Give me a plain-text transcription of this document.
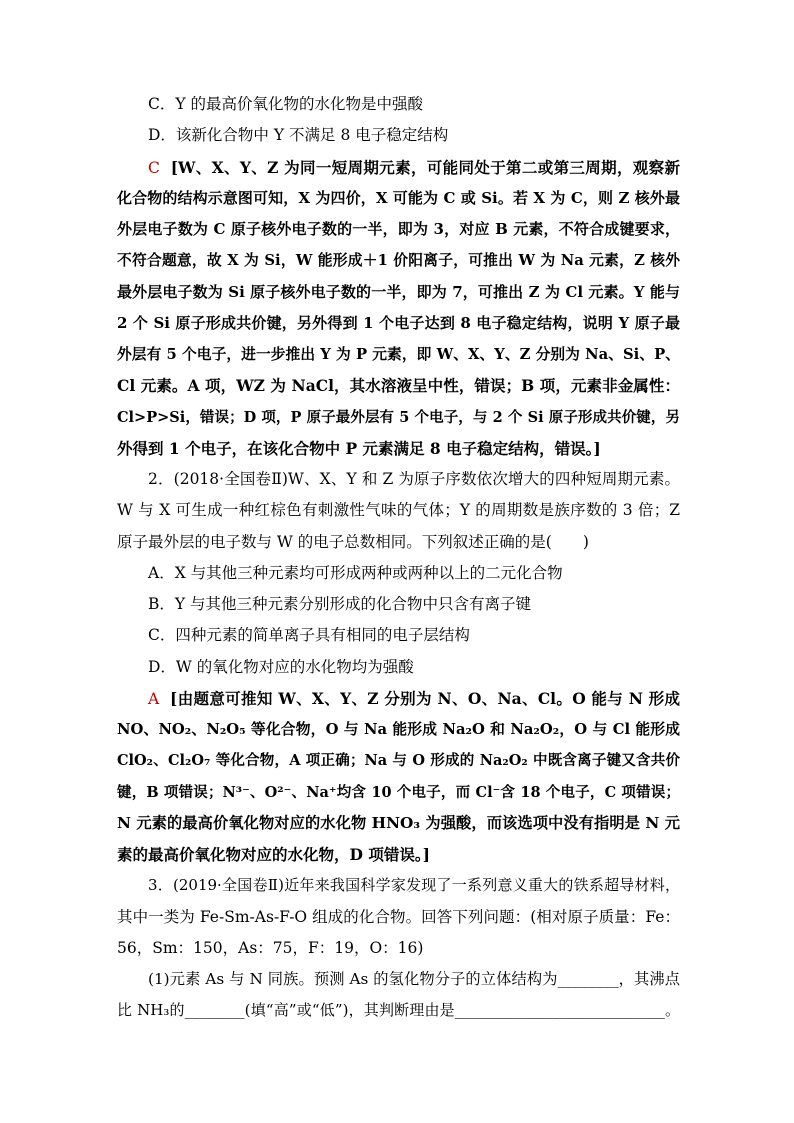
C．Y 的最高价氧化物的水化物是中强酸
D．该新化合物中 Y 不满足 8 电子稳定结构
C [W、X、Y、Z 为同一短周期元素，可能同处于第二或第三周期，观察新
化合物的结构示意图可知，X 为四价，X 可能为 C 或 Si。若 X 为 C，则 Z 核外最
外层电子数为 C 原子核外电子数的一半，即为 3，对应 B 元素，不符合成键要求，
不符合题意，故 X 为 Si，W 能形成＋1 价阳离子，可推出 W 为 Na 元素，Z 核外
最外层电子数为 Si 原子核外电子数的一半，即为 7，可推出 Z 为 Cl 元素。Y 能与
2 个 Si 原子形成共价键，另外得到 1 个电子达到 8 电子稳定结构，说明 Y 原子最
外层有 5 个电子，进一步推出 Y 为 P 元素，即 W、X、Y、Z 分别为 Na、Si、P、
Cl 元素。A 项，WZ 为 NaCl，其水溶液呈中性，错误；B 项，元素非金属性：
Cl>P>Si，错误；D 项，P 原子最外层有 5 个电子，与 2 个 Si 原子形成共价键，另
外得到 1 个电子，在该化合物中 P 元素满足 8 电子稳定结构，错误。]
2．(2018·全国卷Ⅱ)W、X、Y 和 Z 为原子序数依次增大的四种短周期元素。
W 与 X 可生成一种红棕色有刺激性气味的气体；Y 的周期数是族序数的 3 倍；Z
原子最外层的电子数与 W 的电子总数相同。下列叙述正确的是(　　)
A．X 与其他三种元素均可形成两种或两种以上的二元化合物
B．Y 与其他三种元素分别形成的化合物中只含有离子键
C．四种元素的简单离子具有相同的电子层结构
D．W 的氧化物对应的水化物均为强酸
A [由题意可推知 W、X、Y、Z 分别为 N、O、Na、Cl。O 能与 N 形成
NO、NO₂、N₂O₅ 等化合物，O 与 Na 能形成 Na₂O 和 Na₂O₂，O 与 Cl 能形成
ClO₂、Cl₂O₇ 等化合物，A 项正确；Na 与 O 形成的 Na₂O₂ 中既含离子键又含共价
键，B 项错误；N³⁻、O²⁻、Na⁺均含 10 个电子，而 Cl⁻含 18 个电子，C 项错误；
N 元素的最高价氧化物对应的水化物 HNO₃ 为强酸，而该选项中没有指明是 N 元
素的最高价氧化物对应的水化物，D 项错误。]
3．(2019·全国卷Ⅱ)近年来我国科学家发现了一系列意义重大的铁系超导材料，
其中一类为 Fe-Sm-As-F-O 组成的化合物。回答下列问题：(相对原子质量：Fe：
56，Sm：150，As：75，F：19，O：16)
(1)元素 As 与 N 同族。预测 As 的氢化物分子的立体结构为________，其沸点
比 NH₃的________(填“高”或“低”)，其判断理由是____________________________。
